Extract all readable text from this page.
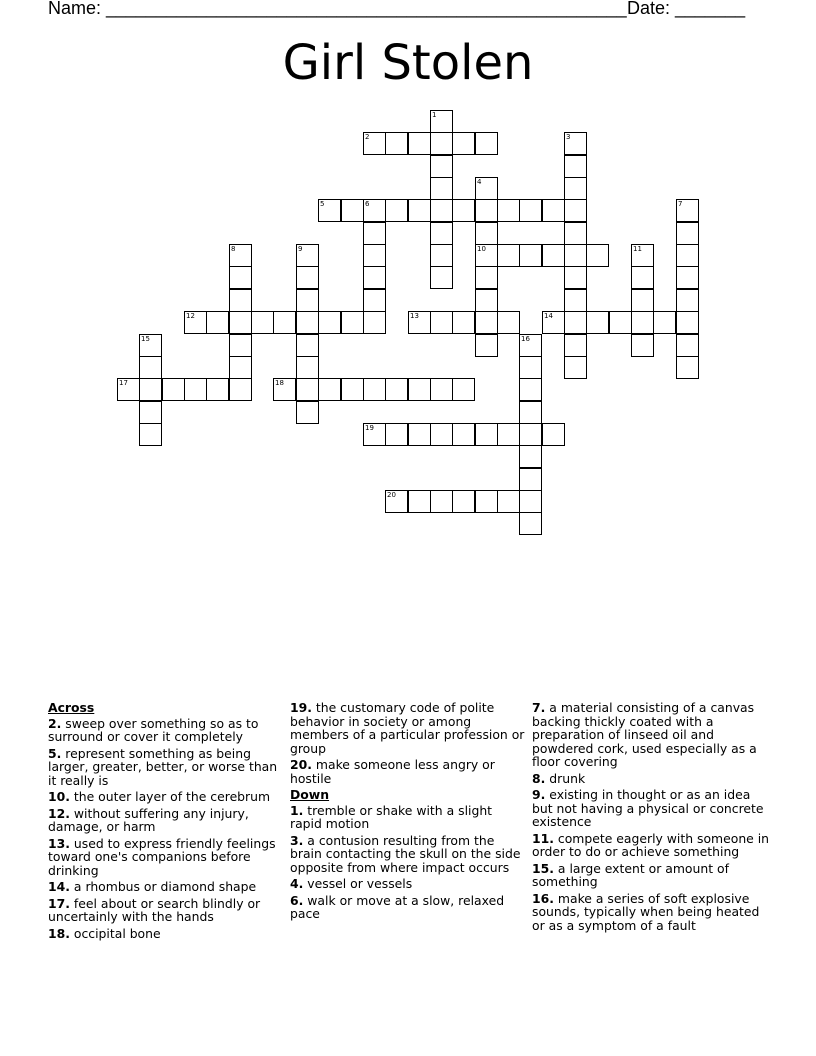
Name: ____________________________________________________ Date: _______
Girl Stolen
2
5	6
10
12	13	14
17	18
19
20
1
3
4
7
8	9	11
15	16
Across
2. sweep over something so as to surround or cover it completely
5. represent something as being larger, greater, better, or worse than it really is
10. the outer layer of the cerebrum
12. without suffering any injury, damage, or harm
13. used to express friendly feelings toward one's companions before drinking
14. a rhombus or diamond shape
17. feel about or search blindly or uncertainly with the hands
18. occipital bone
19. the customary code of polite behavior in society or among members of a particular profession or group
20. make someone less angry or hostile
Down
1. tremble or shake with a slight rapid motion
3. a contusion resulting from the brain contacting the skull on the side opposite from where impact occurs
4. vessel or vessels
6. walk or move at a slow, relaxed pace
7. a material consisting of a canvas backing thickly coated with a preparation of linseed oil and powdered cork, used especially as a floor covering
8. drunk
9. existing in thought or as an idea but not having a physical or concrete existence
11. compete eagerly with someone in order to do or achieve something
15. a large extent or amount of something
16. make a series of soft explosive sounds, typically when being heated or as a symptom of a fault
